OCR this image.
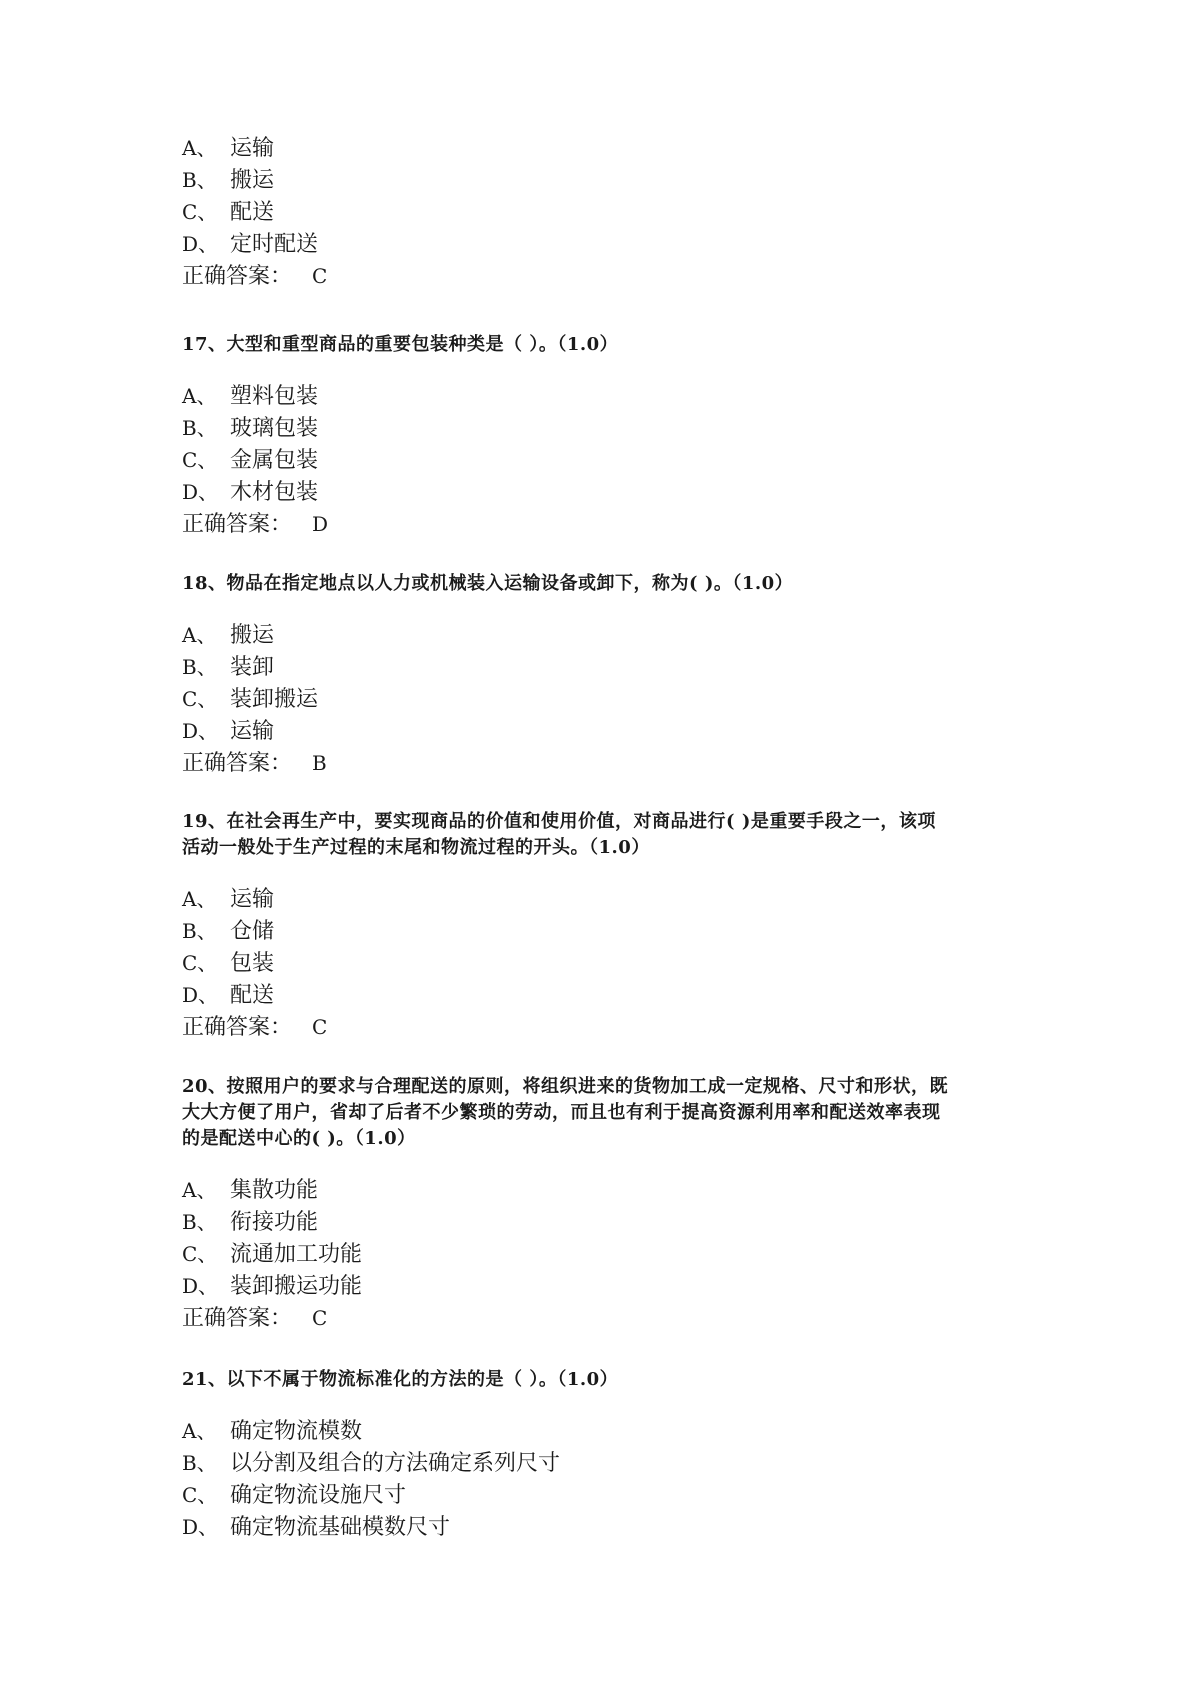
A、 运输
B、 搬运
C、 配送
D、 定时配送
正确答案： C

17、大型和重型商品的重要包装种类是（ ）。（1.0）

A、 塑料包装
B、 玻璃包装
C、 金属包装
D、 木材包装
正确答案： D

18、物品在指定地点以人力或机械装入运输设备或卸下，称为( )。（1.0）

A、 搬运
B、 装卸
C、 装卸搬运
D、 运输
正确答案： B

19、在社会再生产中，要实现商品的价值和使用价值，对商品进行( )是重要手段之一，该项

活动一般处于生产过程的末尾和物流过程的开头。（1.0）

A、 运输
B、 仓储
C、 包装
D、 配送
正确答案： C

20、按照用户的要求与合理配送的原则，将组织进来的货物加工成一定规格、尺寸和形状，既

大大方便了用户，省却了后者不少繁琐的劳动，而且也有利于提高资源利用率和配送效率表现

的是配送中心的( )。（1.0）

A、 集散功能
B、 衔接功能
C、 流通加工功能
D、 装卸搬运功能
正确答案： C

21、以下不属于物流标准化的方法的是（ ）。（1.0）

A、 确定物流模数
B、 以分割及组合的方法确定系列尺寸
C、 确定物流设施尺寸
D、 确定物流基础模数尺寸
